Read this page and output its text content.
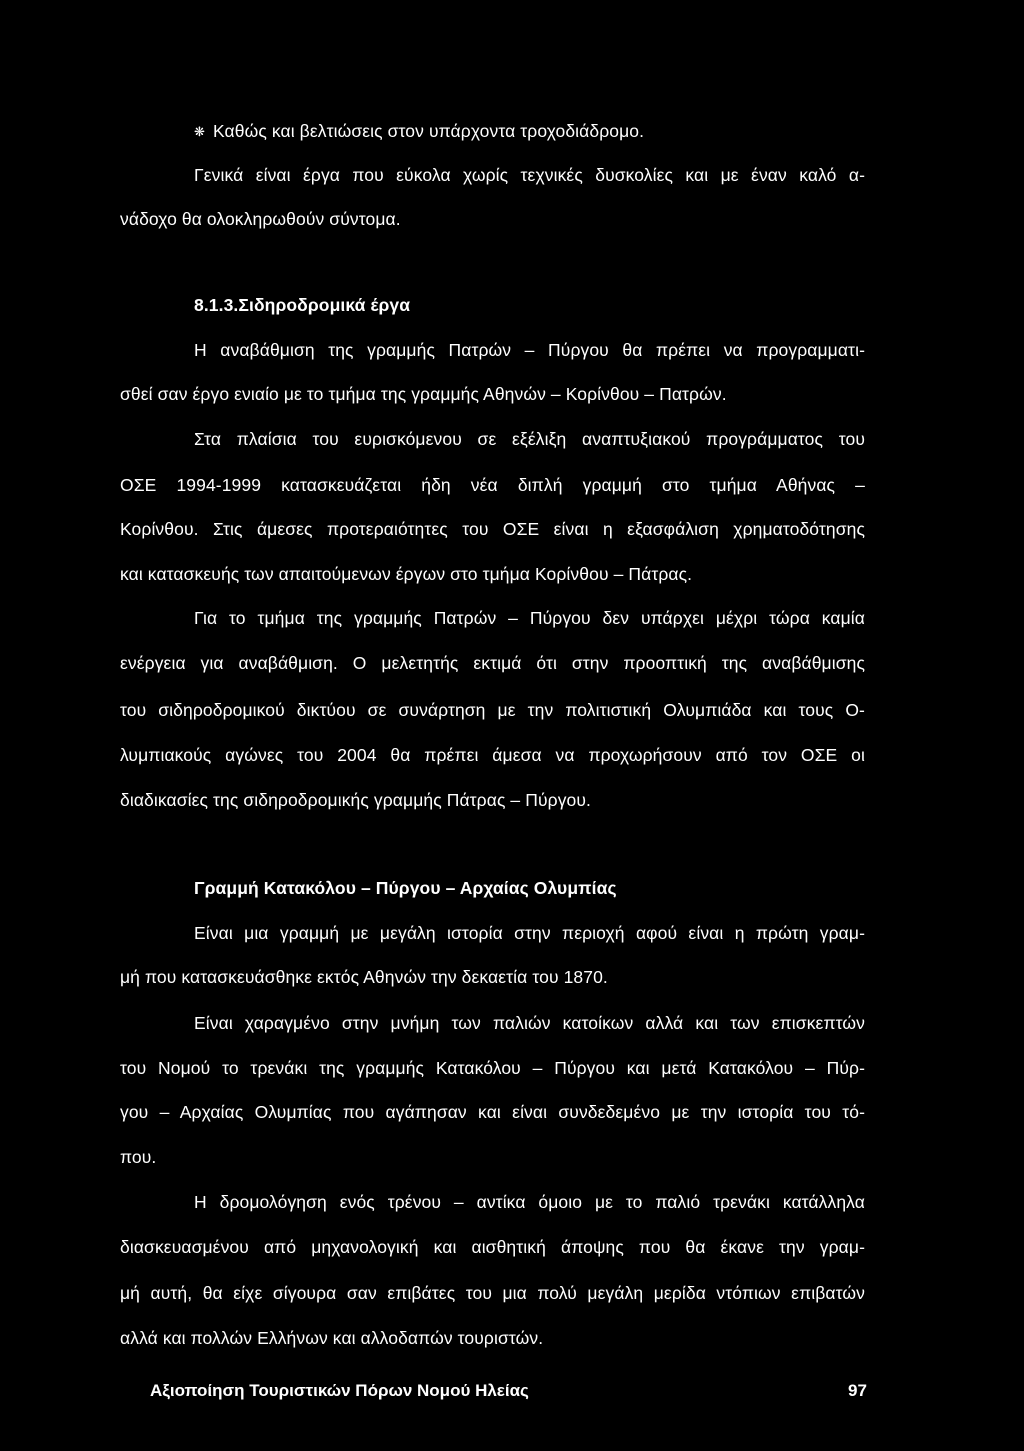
❋ Καθώς και βελτιώσεις στον υπάρχοντα τροχοδιάδρομο.
Γενικά είναι έργα που εύκολα χωρίς τεχνικές δυσκολίες και με έναν καλό α-
νάδοχο θα ολοκληρωθούν σύντομα.
8.1.3.Σιδηροδρομικά έργα
Η αναβάθμιση της γραμμής Πατρών – Πύργου θα πρέπει να προγραμματι-
σθεί σαν έργο ενιαίο με το τμήμα της γραμμής Αθηνών – Κορίνθου – Πατρών.
Στα πλαίσια του ευρισκόμενου σε εξέλιξη αναπτυξιακού προγράμματος του
ΟΣΕ 1994-1999 κατασκευάζεται ήδη νέα διπλή γραμμή στο τμήμα Αθήνας –
Κορίνθου. Στις άμεσες προτεραιότητες του ΟΣΕ είναι η εξασφάλιση χρηματοδότησης
και κατασκευής των απαιτούμενων έργων στο τμήμα Κορίνθου – Πάτρας.
Για το τμήμα της γραμμής Πατρών – Πύργου δεν υπάρχει μέχρι τώρα καμία
ενέργεια για αναβάθμιση. Ο μελετητής εκτιμά ότι στην προοπτική της αναβάθμισης
του σιδηροδρομικού δικτύου σε συνάρτηση με την πολιτιστική Ολυμπιάδα και τους Ο-
λυμπιακούς αγώνες του 2004 θα πρέπει άμεσα να προχωρήσουν από τον ΟΣΕ οι
διαδικασίες της σιδηροδρομικής γραμμής Πάτρας – Πύργου.
Γραμμή Κατακόλου – Πύργου – Αρχαίας Ολυμπίας
Είναι μια γραμμή με μεγάλη ιστορία στην περιοχή αφού είναι η πρώτη γραμ-
μή που κατασκευάσθηκε εκτός Αθηνών την δεκαετία του 1870.
Είναι χαραγμένο στην μνήμη των παλιών κατοίκων αλλά και των επισκεπτών
του Νομού το τρενάκι της γραμμής Κατακόλου – Πύργου και μετά Κατακόλου – Πύρ-
γου – Αρχαίας Ολυμπίας που αγάπησαν και είναι συνδεδεμένο με την ιστορία του τό-
που.
Η δρομολόγηση ενός τρένου – αντίκα όμοιο με το παλιό τρενάκι κατάλληλα
διασκευασμένου από μηχανολογική και αισθητική άποψης που θα έκανε την γραμ-
μή αυτή, θα είχε σίγουρα σαν επιβάτες του μια πολύ μεγάλη μερίδα ντόπιων επιβατών
αλλά και πολλών Ελλήνων και αλλοδαπών τουριστών.
Αξιοποίηση Τουριστικών Πόρων Νομού Ηλείας	97
